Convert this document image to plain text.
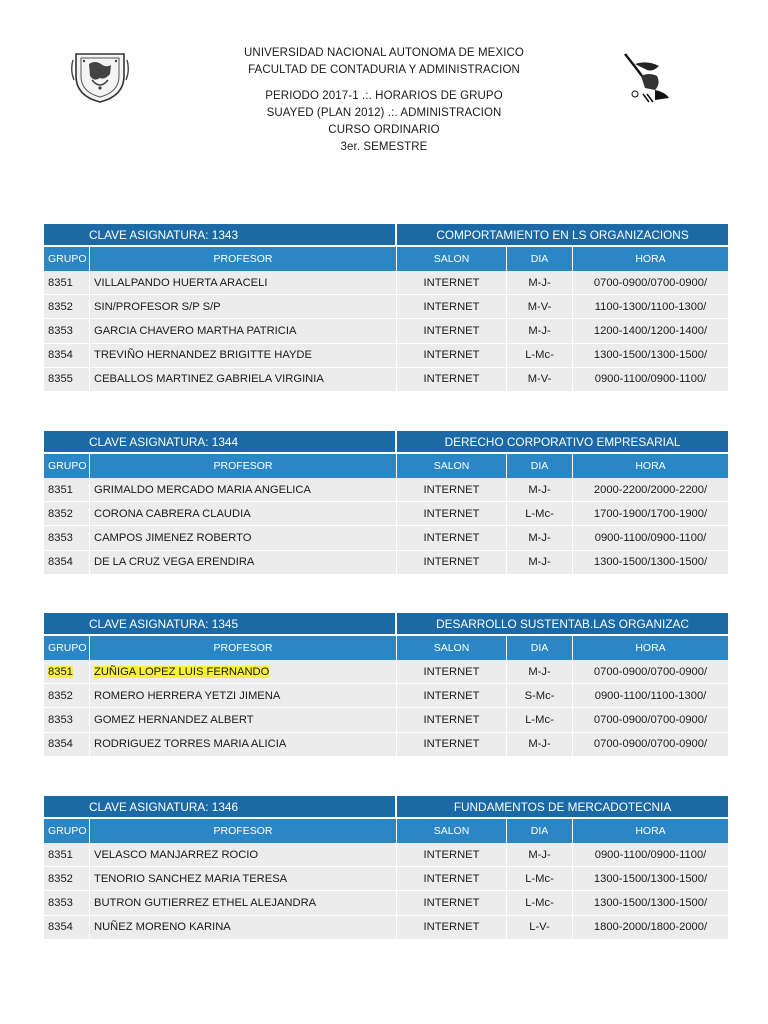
UNIVERSIDAD NACIONAL AUTONOMA DE MEXICO
FACULTAD DE CONTADURIA Y ADMINISTRACION
PERIODO 2017-1 .:. HORARIOS DE GRUPO
SUAYED (PLAN 2012) .:. ADMINISTRACION
CURSO ORDINARIO
3er. SEMESTRE
CLAVE ASIGNATURA: 1343		COMPORTAMIENTO EN LS ORGANIZACIONS		
GRUPO	PROFESOR	SALON	DIA	HORA
8351	VILLALPANDO HUERTA ARACELI	INTERNET	M-J-	0700-0900/0700-0900/
8352	SIN/PROFESOR S/P S/P	INTERNET	M-V-	1100-1300/1100-1300/
8353	GARCIA CHAVERO MARTHA PATRICIA	INTERNET	M-J-	1200-1400/1200-1400/
8354	TREVIÑO HERNANDEZ BRIGITTE HAYDE	INTERNET	L-Mc-	1300-1500/1300-1500/
8355	CEBALLOS MARTINEZ GABRIELA VIRGINIA	INTERNET	M-V-	0900-1100/0900-1100/
CLAVE ASIGNATURA: 1344		DERECHO CORPORATIVO EMPRESARIAL		
GRUPO	PROFESOR	SALON	DIA	HORA
8351	GRIMALDO MERCADO MARIA ANGELICA	INTERNET	M-J-	2000-2200/2000-2200/
8352	CORONA CABRERA CLAUDIA	INTERNET	L-Mc-	1700-1900/1700-1900/
8353	CAMPOS JIMENEZ ROBERTO	INTERNET	M-J-	0900-1100/0900-1100/
8354	DE LA CRUZ VEGA ERENDIRA	INTERNET	M-J-	1300-1500/1300-1500/
CLAVE ASIGNATURA: 1345		DESARROLLO SUSTENTAB.LAS ORGANIZAC		
GRUPO	PROFESOR	SALON	DIA	HORA
8351	ZUÑIGA LOPEZ LUIS FERNANDO	INTERNET	M-J-	0700-0900/0700-0900/
8352	ROMERO HERRERA YETZI JIMENA	INTERNET	S-Mc-	0900-1100/1100-1300/
8353	GOMEZ HERNANDEZ ALBERT	INTERNET	L-Mc-	0700-0900/0700-0900/
8354	RODRIGUEZ TORRES MARIA ALICIA	INTERNET	M-J-	0700-0900/0700-0900/
CLAVE ASIGNATURA: 1346		FUNDAMENTOS DE MERCADOTECNIA		
GRUPO	PROFESOR	SALON	DIA	HORA
8351	VELASCO MANJARREZ ROCIO	INTERNET	M-J-	0900-1100/0900-1100/
8352	TENORIO SANCHEZ MARIA TERESA	INTERNET	L-Mc-	1300-1500/1300-1500/
8353	BUTRON GUTIERREZ ETHEL ALEJANDRA	INTERNET	L-Mc-	1300-1500/1300-1500/
8354	NUÑEZ MORENO KARINA	INTERNET	L-V-	1800-2000/1800-2000/
